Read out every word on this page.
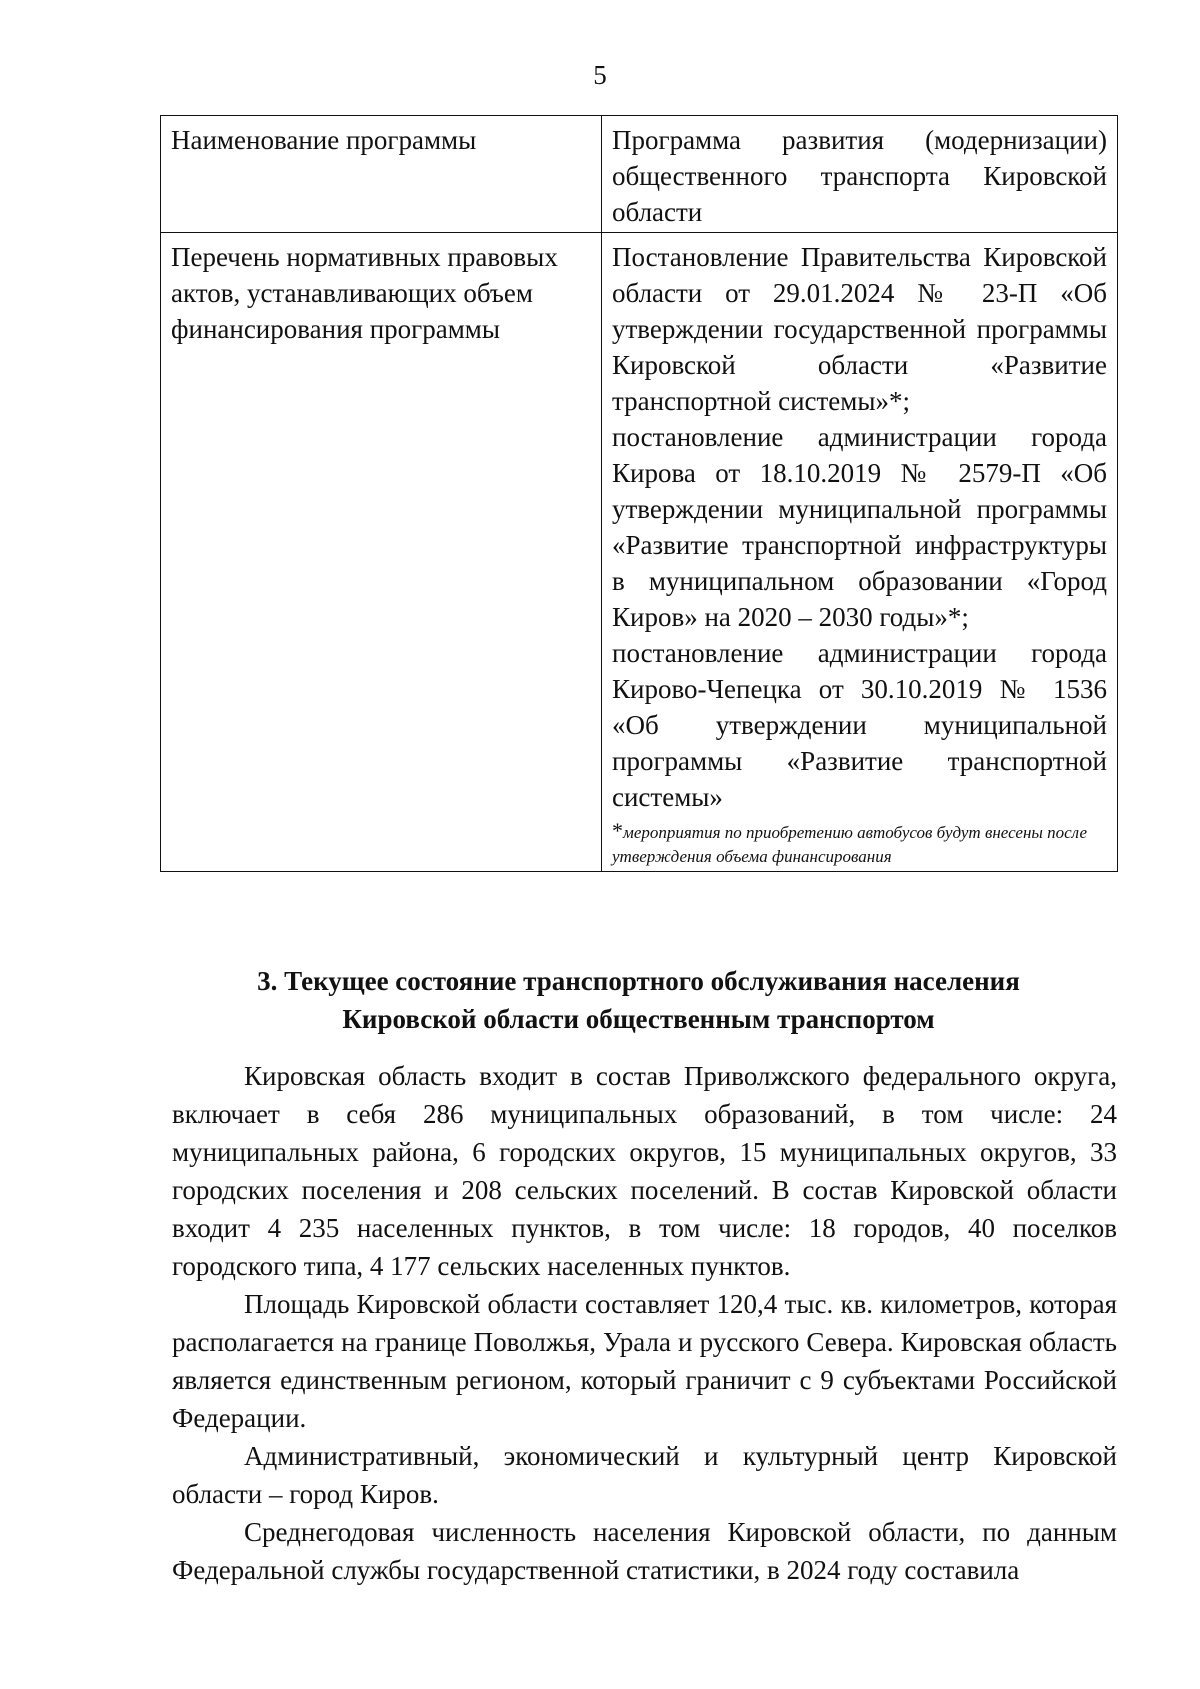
5
Наименование программы	Программа развития (модернизации) общественного транспорта Кировской области
Перечень нормативных правовых актов, устанавливающих объем финансирования программы	Постановление Правительства Кировской области от 29.01.2024 № 23-П «Об утверждении государственной программы Кировской области «Развитие транспортной системы»*;
постановление администрации города Кирова от 18.10.2019 № 2579-П «Об утверждении муниципальной программы «Развитие транспортной инфраструктуры в муниципальном образовании «Город Киров» на 2020 – 2030 годы»*;
постановление администрации города Кирово-Чепецка от 30.10.2019 № 1536 «Об утверждении муниципальной программы «Развитие транспортной системы»
*мероприятия по приобретению автобусов будут внесены после утверждения объема финансирования
3. Текущее состояние транспортного обслуживания населения
Кировской области общественным транспортом

Кировская область входит в состав Приволжского федерального округа, включает в себя 286 муниципальных образований, в том числе: 24 муниципальных района, 6 городских округов, 15 муниципальных округов, 33 городских поселения и 208 сельских поселений. В состав Кировской области входит 4 235 населенных пунктов, в том числе: 18 городов, 40 поселков городского типа, 4 177 сельских населенных пунктов.

Площадь Кировской области составляет 120,4 тыс. кв. километров, которая располагается на границе Поволжья, Урала и русского Севера. Кировская область является единственным регионом, который граничит с 9 субъектами Российской Федерации.

Административный, экономический и культурный центр Кировской области – город Киров.

Среднегодовая численность населения Кировской области, по данным Федеральной службы государственной статистики, в 2024 году составила
